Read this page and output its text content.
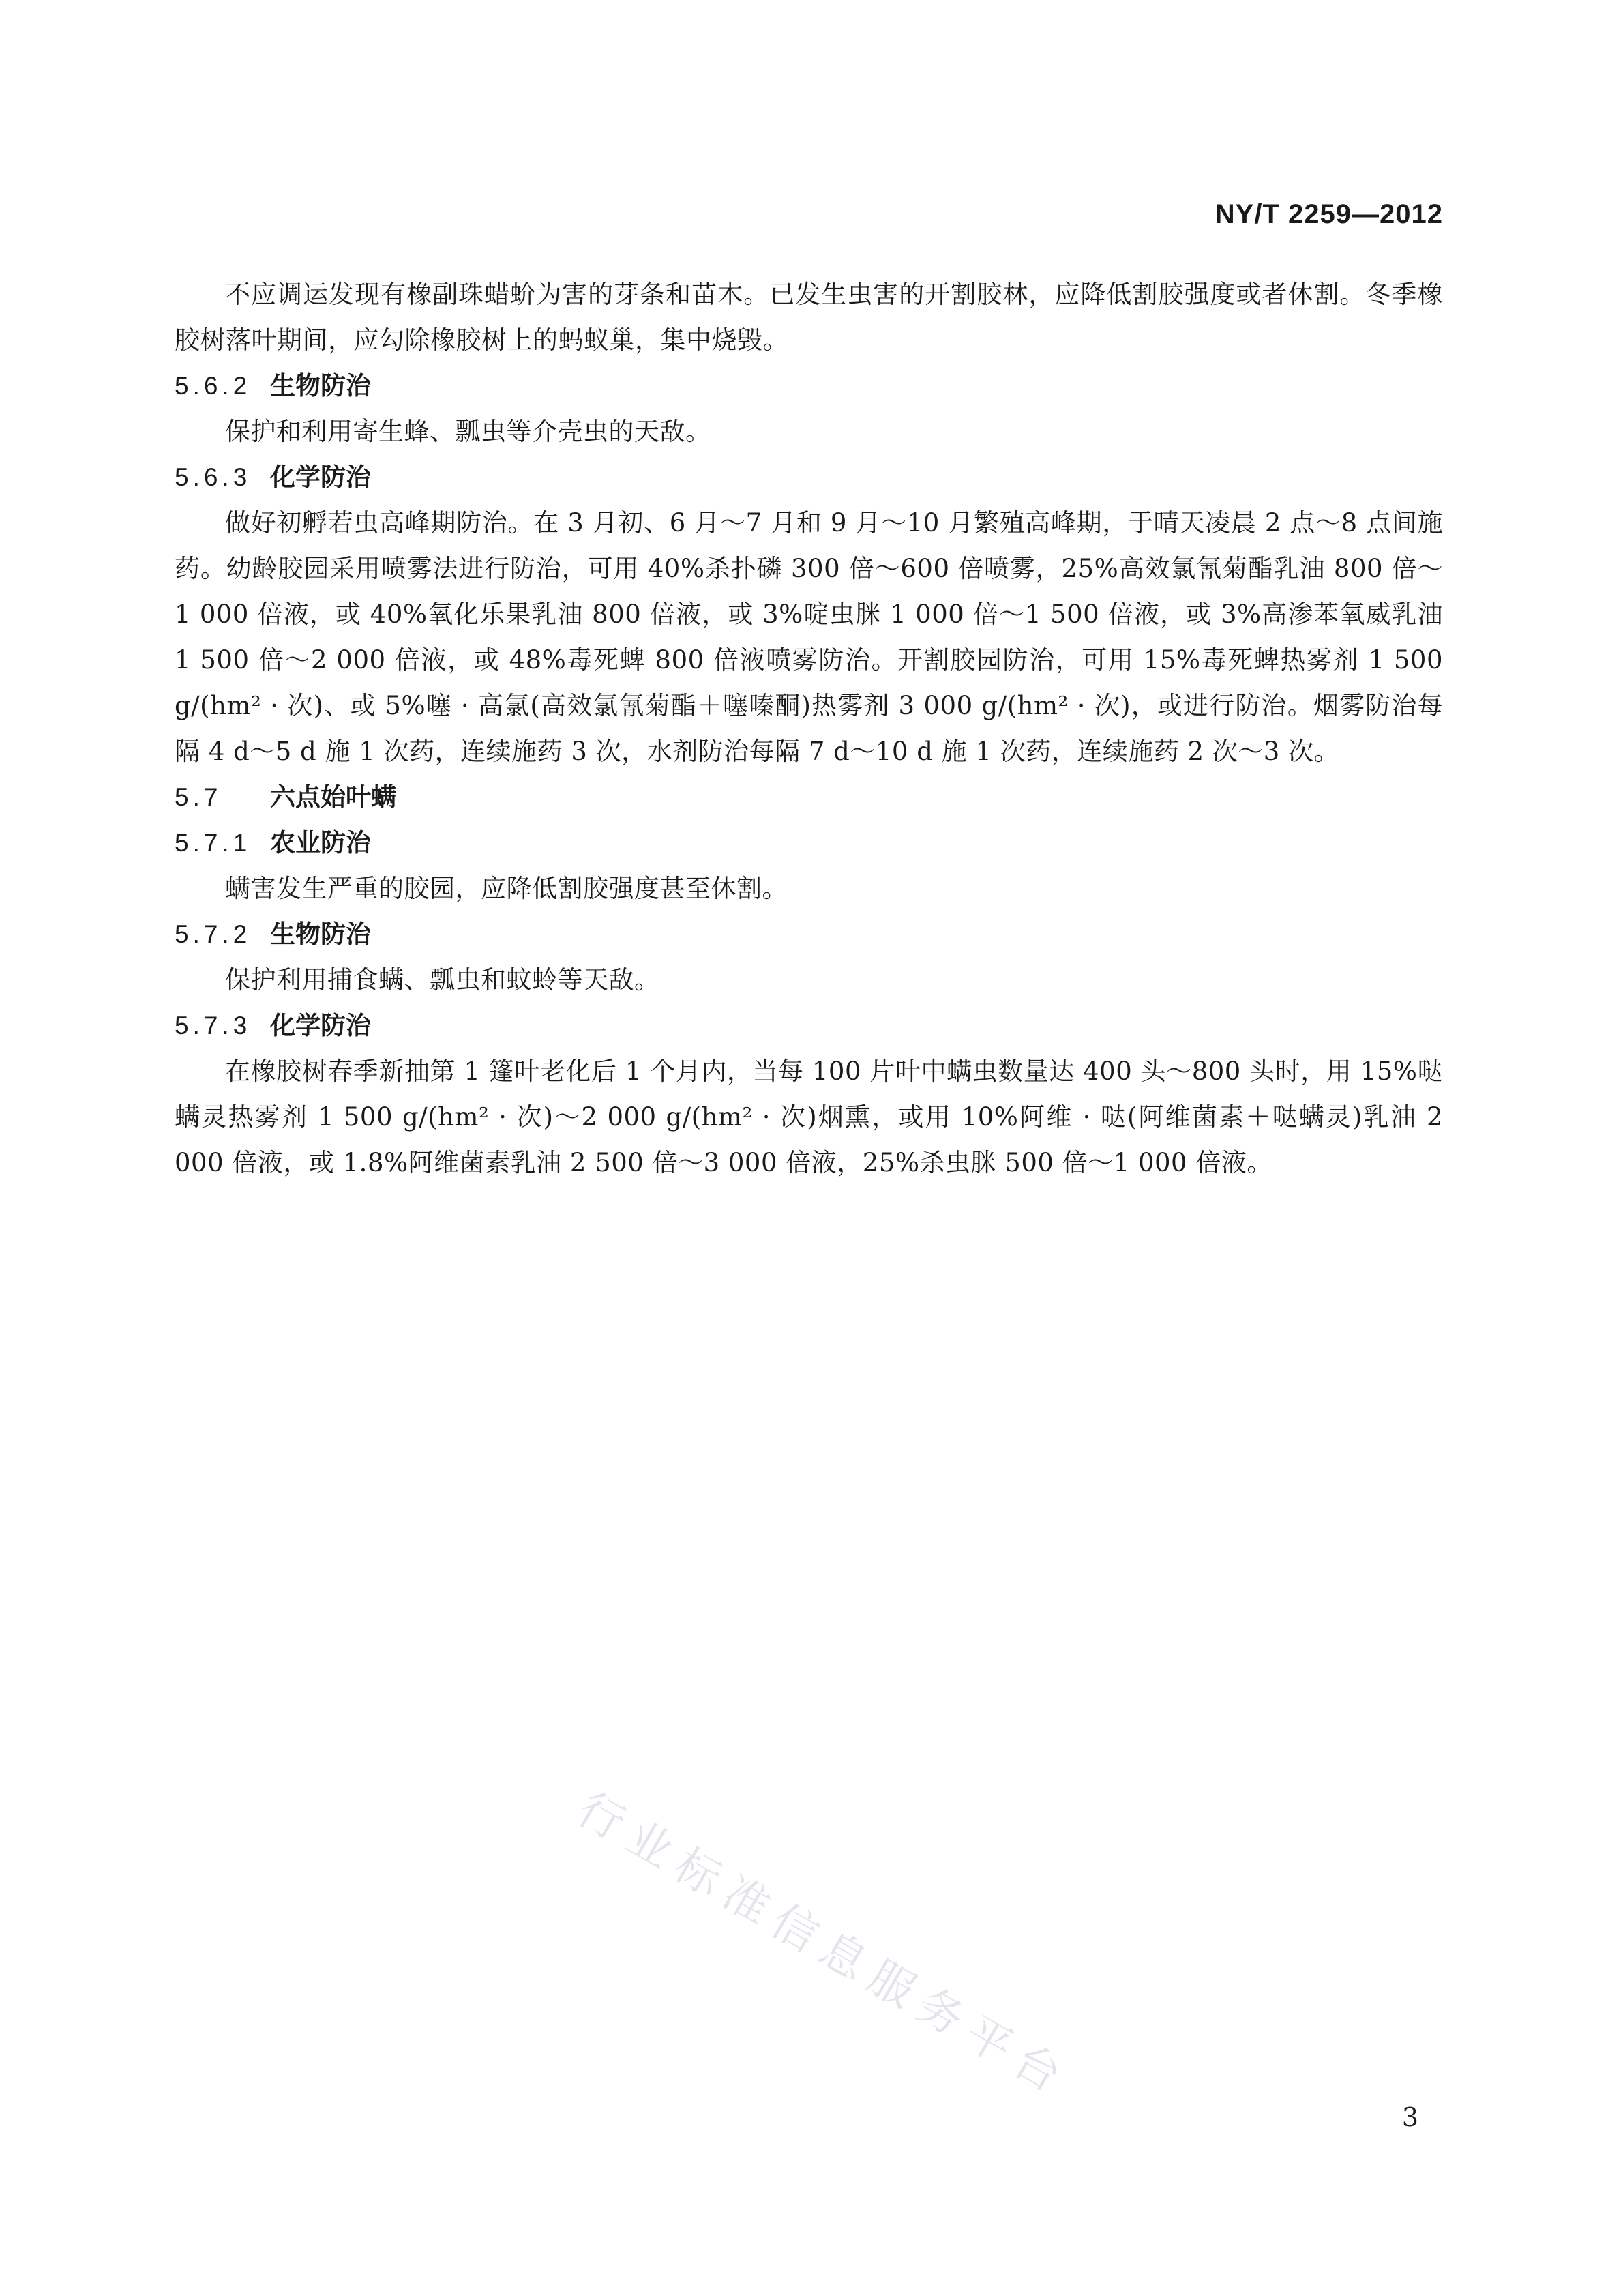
NY/T 2259—2012

不应调运发现有橡副珠蜡蚧为害的芽条和苗木。已发生虫害的开割胶林，应降低割胶强度或者休割。冬季橡胶树落叶期间，应勾除橡胶树上的蚂蚁巢，集中烧毁。

5.6.2 生物防治

保护和利用寄生蜂、瓢虫等介壳虫的天敌。

5.6.3 化学防治

做好初孵若虫高峰期防治。在 3 月初、6 月～7 月和 9 月～10 月繁殖高峰期，于晴天凌晨 2 点～8 点间施药。幼龄胶园采用喷雾法进行防治，可用 40%杀扑磷 300 倍～600 倍喷雾，25%高效氯氰菊酯乳油 800 倍～1 000 倍液，或 40%氧化乐果乳油 800 倍液，或 3%啶虫脒 1 000 倍～1 500 倍液，或 3%高渗苯氧威乳油 1 500 倍～2 000 倍液，或 48%毒死蜱 800 倍液喷雾防治。开割胶园防治，可用 15%毒死蜱热雾剂 1 500 g/(hm² · 次)、或 5%噻 · 高氯(高效氯氰菊酯＋噻嗪酮)热雾剂 3 000 g/(hm² · 次)，或进行防治。烟雾防治每隔 4 d～5 d 施 1 次药，连续施药 3 次，水剂防治每隔 7 d～10 d 施 1 次药，连续施药 2 次～3 次。

5.7 六点始叶螨

5.7.1 农业防治

螨害发生严重的胶园，应降低割胶强度甚至休割。

5.7.2 生物防治

保护利用捕食螨、瓢虫和蚊蛉等天敌。

5.7.3 化学防治

在橡胶树春季新抽第 1 篷叶老化后 1 个月内，当每 100 片叶中螨虫数量达 400 头～800 头时，用 15%哒螨灵热雾剂 1 500 g/(hm² · 次)～2 000 g/(hm² · 次)烟熏，或用 10%阿维 · 哒(阿维菌素＋哒螨灵)乳油 2 000 倍液，或 1.8%阿维菌素乳油 2 500 倍～3 000 倍液，25%杀虫脒 500 倍～1 000 倍液。

行业标准信息服务平台
3
